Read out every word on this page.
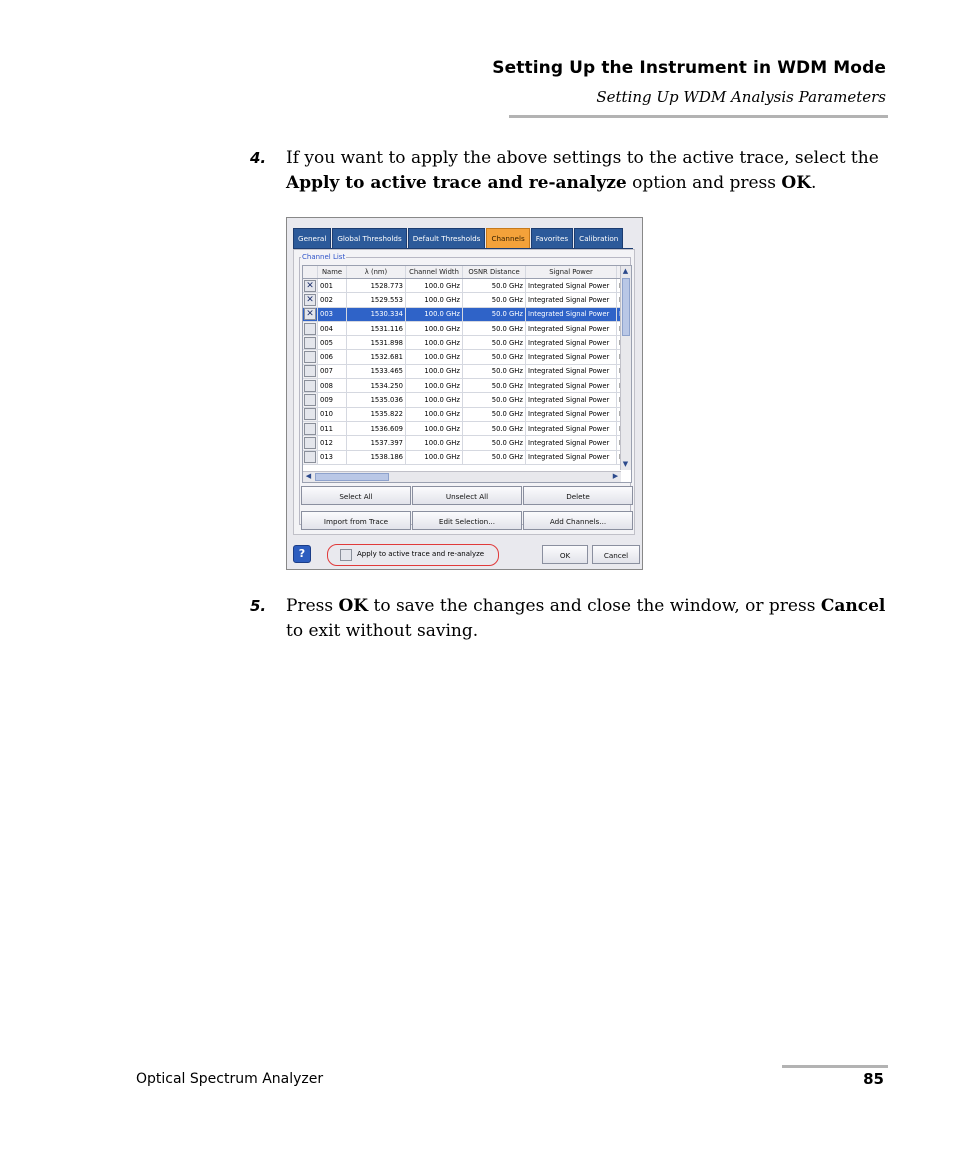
Setting Up the Instrument in WDM Mode
Setting Up WDM Analysis Parameters
4. If you want to apply the above settings to the active trace, select the Apply to active trace and re-analyze option and press OK.
General	Global Thresholds	Default Thresholds	Channels	Favorites	Calibration
Channel List
	Name	λ (nm)	Channel Width	OSNR Distance	Signal Power	
✕	001	1528.773	100.0 GHz	50.0 GHz	Integrated Signal Power	
✕	002	1529.553	100.0 GHz	50.0 GHz	Integrated Signal Power	
✕	003	1530.334	100.0 GHz	50.0 GHz	Integrated Signal Power	
	004	1531.116	100.0 GHz	50.0 GHz	Integrated Signal Power	
	005	1531.898	100.0 GHz	50.0 GHz	Integrated Signal Power	
	006	1532.681	100.0 GHz	50.0 GHz	Integrated Signal Power	
	007	1533.465	100.0 GHz	50.0 GHz	Integrated Signal Power	
	008	1534.250	100.0 GHz	50.0 GHz	Integrated Signal Power	
	009	1535.036	100.0 GHz	50.0 GHz	Integrated Signal Power	
	010	1535.822	100.0 GHz	50.0 GHz	Integrated Signal Power	
	011	1536.609	100.0 GHz	50.0 GHz	Integrated Signal Power	
	012	1537.397	100.0 GHz	50.0 GHz	Integrated Signal Power	
	013	1538.186	100.0 GHz	50.0 GHz	Integrated Signal Power	
▲
▼
◀	▶
Select All	Unselect All	Delete
Import from Trace	Edit Selection...	Add Channels...
?	Apply to active trace and re-analyze	OK	Cancel
5. Press OK to save the changes and close the window, or press Cancel to exit without saving.
Optical Spectrum Analyzer	85
